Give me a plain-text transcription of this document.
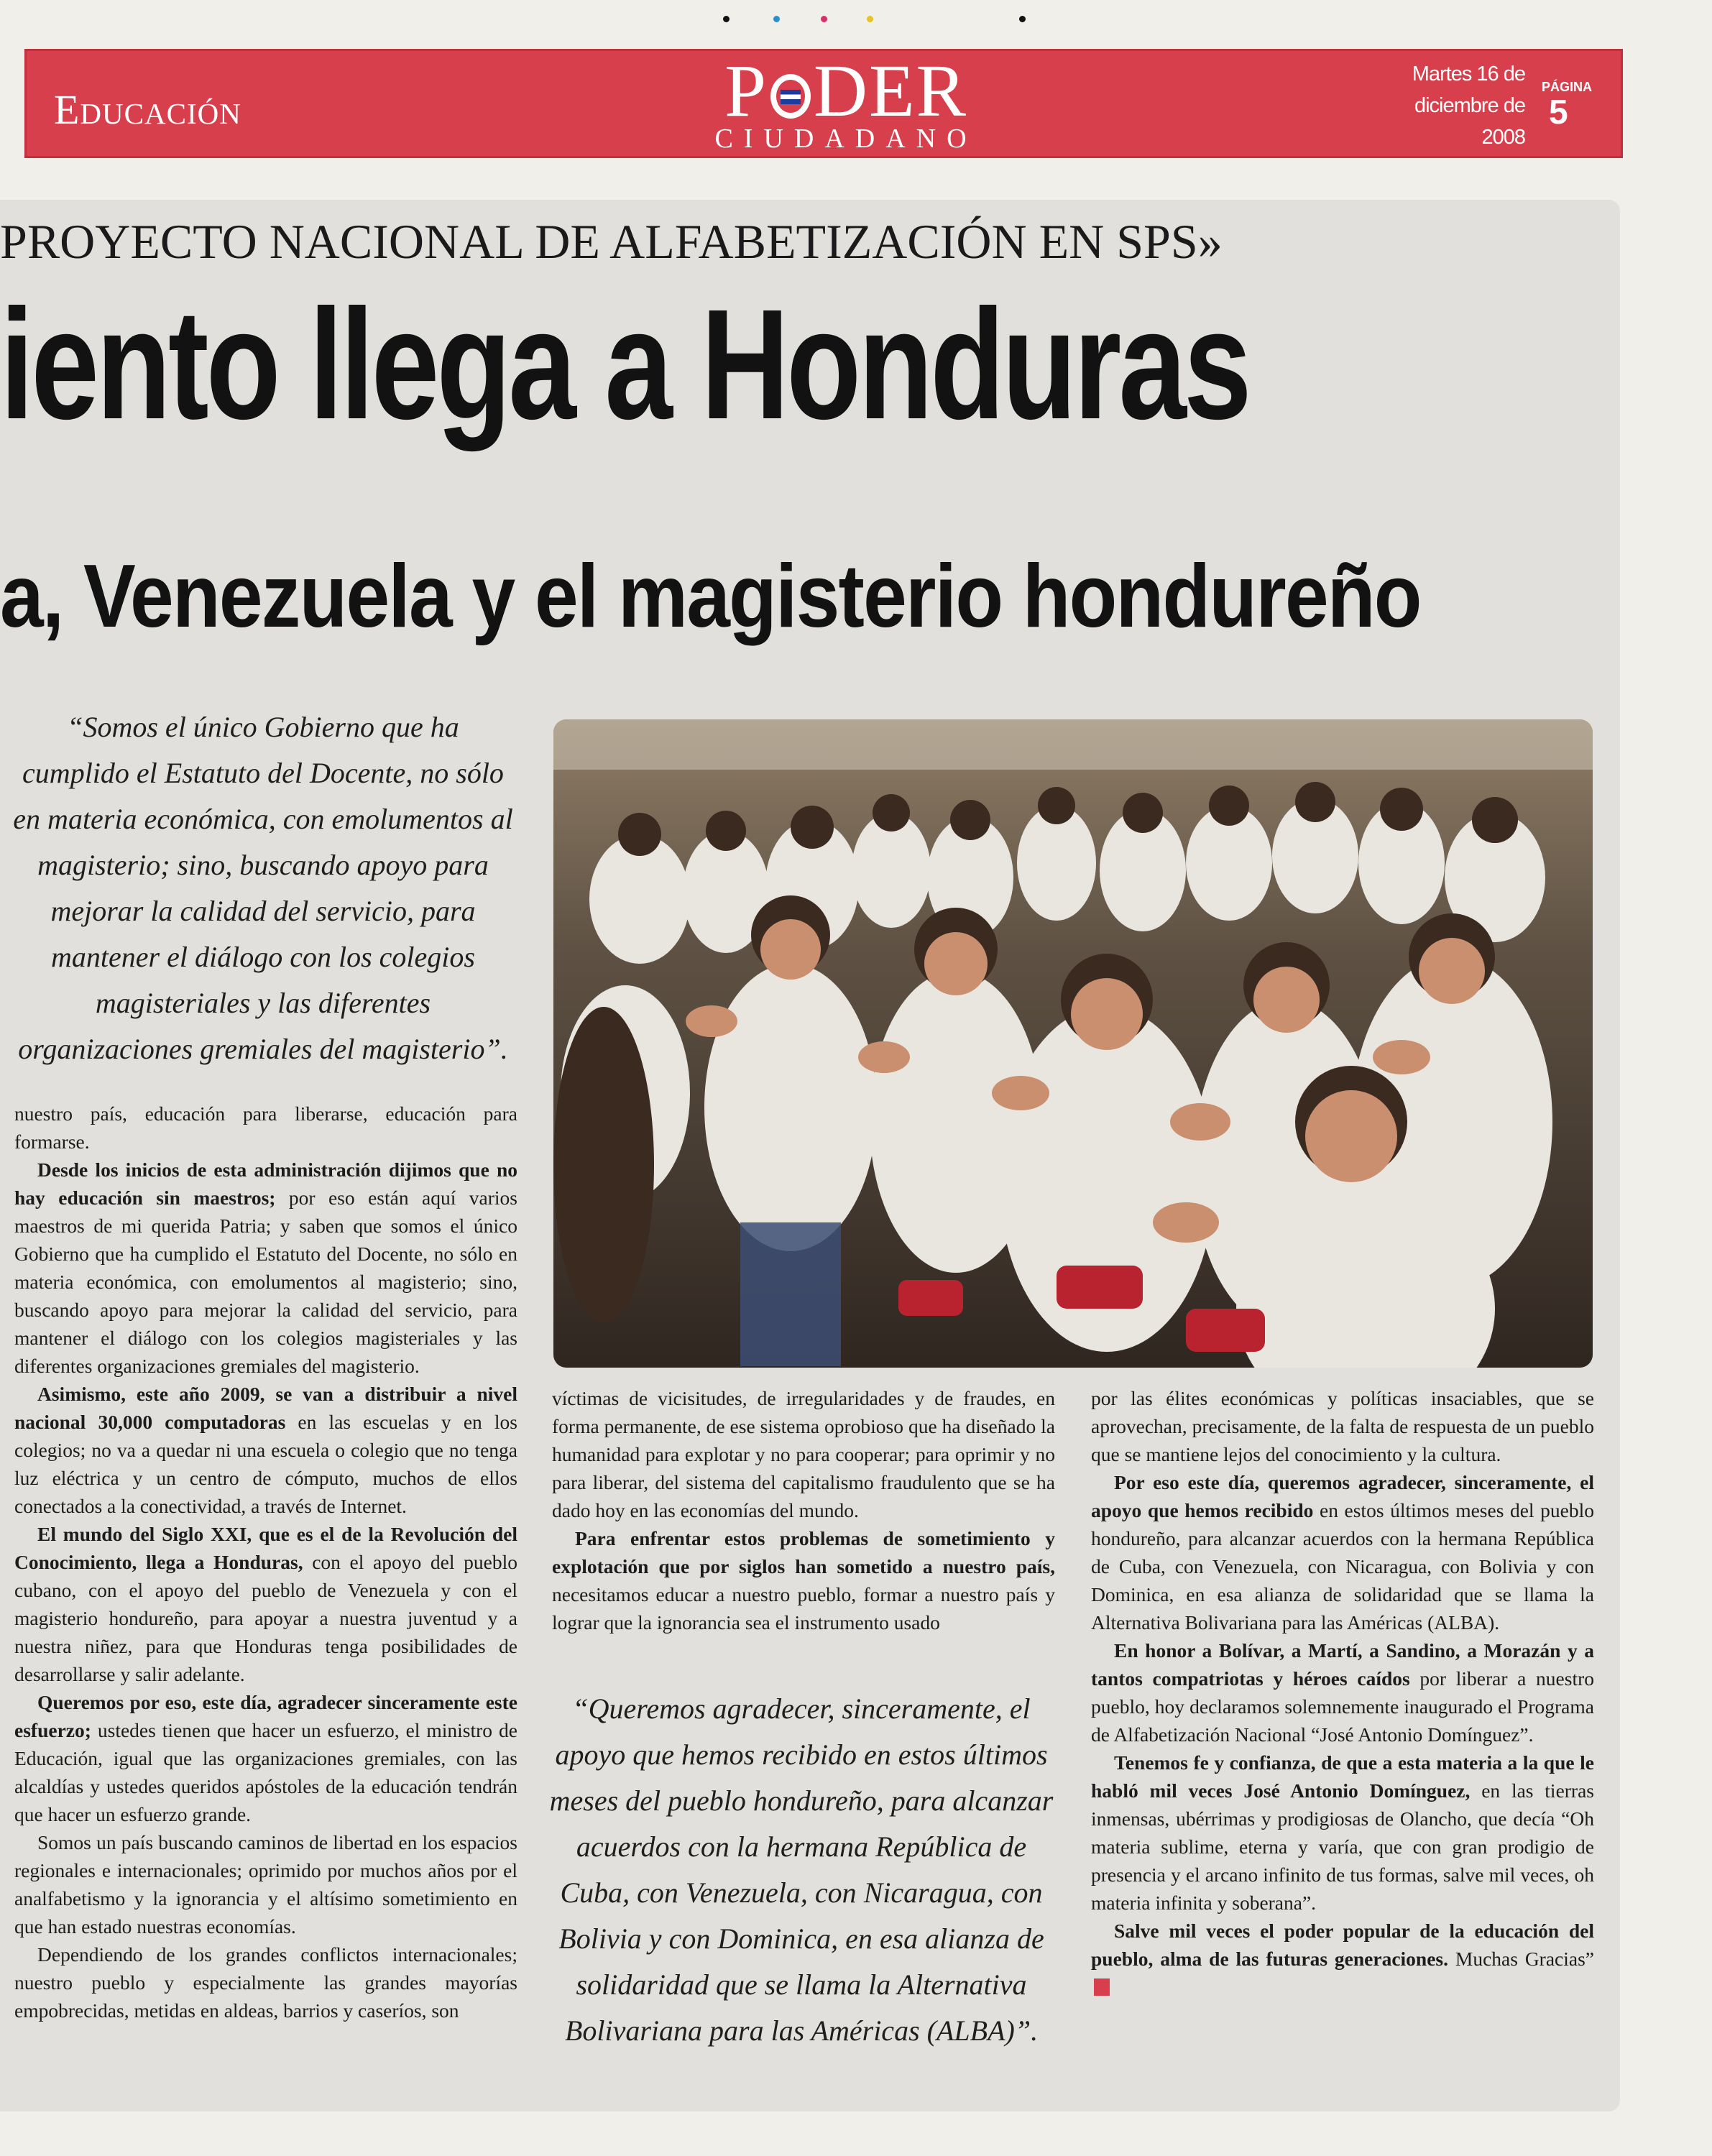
Educación	P DER
CIUDADANO
Martes 16 de
diciembre de
2008
PÁGINA
5
PROYECTO NACIONAL DE ALFABETIZACIÓN EN SPS»
iento llega a Honduras
a, Venezuela y el magisterio hondureño
“Somos el único Gobierno que ha cumplido el Estatuto del Docente, no sólo en materia económica, con emolumentos al magisterio; sino, buscando apoyo para mejorar la calidad del servicio, para mantener el diálogo con los colegios magisteriales y las diferentes organizaciones gremiales del magisterio”.

nuestro país, educación para liberarse, educación para formarse.

Desde los inicios de esta administración dijimos que no hay educación sin maestros; por eso están aquí varios maestros de mi querida Patria; y saben que somos el único Gobierno que ha cumplido el Estatuto del Docente, no sólo en materia económica, con emolumentos al magisterio; sino, buscando apoyo para mejorar la calidad del servicio, para mantener el diálogo con los colegios magisteriales y las diferentes organizaciones gremiales del magisterio.

Asimismo, este año 2009, se van a distribuir a nivel nacional 30,000 computadoras en las escuelas y en los colegios; no va a quedar ni una escuela o colegio que no tenga luz eléctrica y un centro de cómputo, muchos de ellos conectados a la conectividad, a través de Internet.

El mundo del Siglo XXI, que es el de la Revolución del Conocimiento, llega a Honduras, con el apoyo del pueblo cubano, con el apoyo del pueblo de Venezuela y con el magisterio hondureño, para apoyar a nuestra juventud y a nuestra niñez, para que Honduras tenga posibilidades de desarrollarse y salir adelante.

Queremos por eso, este día, agradecer sinceramente este esfuerzo; ustedes tienen que hacer un esfuerzo, el ministro de Educación, igual que las organizaciones gremiales, con las alcaldías y ustedes queridos apóstoles de la educación tendrán que hacer un esfuerzo grande.

Somos un país buscando caminos de libertad en los espacios regionales e internacionales; oprimido por muchos años por el analfabetismo y la ignorancia y el altísimo sometimiento en que han estado nuestras economías.

Dependiendo de los grandes conflictos internacionales; nuestro pueblo y especialmente las grandes mayorías empobrecidas, metidas en aldeas, barrios y caseríos, son

víctimas de vicisitudes, de irregularidades y de fraudes, en forma permanente, de ese sistema oprobioso que ha diseñado la humanidad para explotar y no para cooperar; para oprimir y no para liberar, del sistema del capitalismo fraudulento que se ha dado hoy en las economías del mundo.

Para enfrentar estos problemas de sometimiento y explotación que por siglos han sometido a nuestro país, necesitamos educar a nuestro pueblo, formar a nuestro país y lograr que la ignorancia sea el instrumento usado

“Queremos agradecer, sinceramente, el apoyo que hemos recibido en estos últimos meses del pueblo hondureño, para alcanzar acuerdos con la hermana República de Cuba, con Venezuela, con Nicaragua, con Bolivia y con Dominica, en esa alianza de solidaridad que se llama la Alternativa Bolivariana para las Américas (ALBA)”.

por las élites económicas y políticas insaciables, que se aprovechan, precisamente, de la falta de respuesta de un pueblo que se mantiene lejos del conocimiento y la cultura.

Por eso este día, queremos agradecer, sinceramente, el apoyo que hemos recibido en estos últimos meses del pueblo hondureño, para alcanzar acuerdos con la hermana República de Cuba, con Venezuela, con Nicaragua, con Bolivia y con Dominica, en esa alianza de solidaridad que se llama la Alternativa Bolivariana para las Américas (ALBA).

En honor a Bolívar, a Martí, a Sandino, a Morazán y a tantos compatriotas y héroes caídos por liberar a nuestro pueblo, hoy declaramos solemnemente inaugurado el Programa de Alfabetización Nacional “José Antonio Domínguez”.

Tenemos fe y confianza, de que a esta materia a la que le habló mil veces José Antonio Domínguez, en las tierras inmensas, ubérrimas y prodigiosas de Olancho, que decía “Oh materia sublime, eterna y varía, que con gran prodigio de presencia y el arcano infinito de tus formas, salve mil veces, oh materia infinita y soberana”.

Salve mil veces el poder popular de la educación del pueblo, alma de las futuras generaciones. Muchas Gracias”
